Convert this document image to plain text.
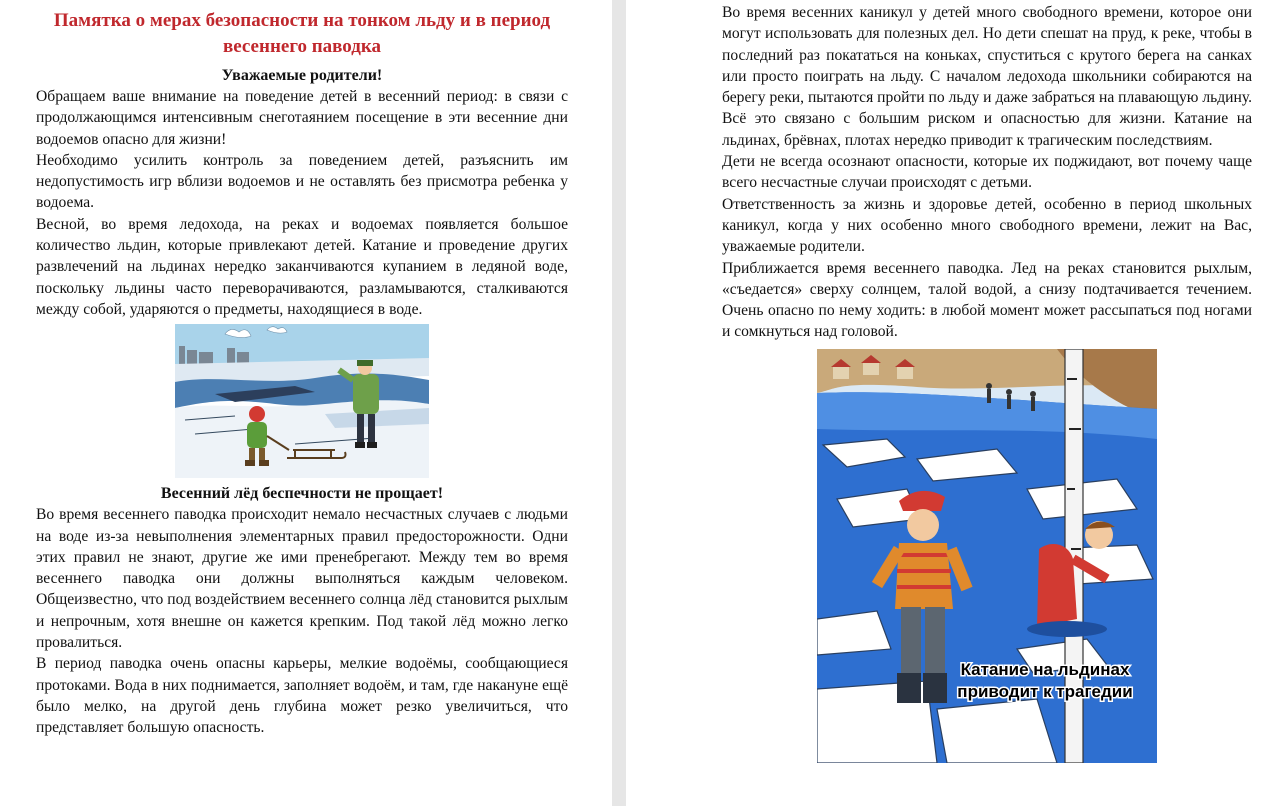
Памятка о мерах безопасности на тонком льду и в период весеннего паводка
Уважаемые родители!

Обращаем ваше внимание на поведение детей в весенний период: в связи с продолжающимся интенсивным снеготаянием посещение в эти весенние дни водоемов опасно для жизни!

Необходимо усилить контроль за поведением детей, разъяснить им недопустимость игр вблизи водоемов и не оставлять без присмотра ребенка у водоема.

Весной, во время ледохода, на реках и водоемах появляется большое количество льдин, которые привлекают детей. Катание и проведение других развлечений на льдинах нередко заканчиваются купанием в ледяной воде, поскольку льдины часто переворачиваются, разламываются, сталкиваются между собой, ударяются о предметы, находящиеся в воде.

Весенний лёд беспечности не прощает!

Во время весеннего паводка происходит немало несчастных случаев с людьми на воде из-за невыполнения элементарных правил предосторожности. Одни этих правил не знают, другие же ими пренебрегают. Между тем во время весеннего паводка они должны выполняться каждым человеком. Общеизвестно, что под воздействием весеннего солнца лёд становится рыхлым и непрочным, хотя внешне он кажется крепким. Под такой лёд можно легко провалиться.

В период паводка очень опасны карьеры, мелкие водоёмы, сообщающиеся протоками. Вода в них поднимается, заполняет водоём, и там, где накануне ещё было мелко, на другой день глубина может резко увеличиться, что представляет большую опасность.

Во время весенних каникул у детей много свободного времени, которое они могут использовать для полезных дел. Но дети спешат на пруд, к реке, чтобы в последний раз покататься на коньках, спуститься с крутого берега на санках или просто поиграть на льду. С началом ледохода школьники собираются на берегу реки, пытаются пройти по льду и даже забраться на плавающую льдину. Всё это связано с большим риском и опасностью для жизни. Катание на льдинах, брёвнах, плотах нередко приводит к трагическим последствиям.

Дети не всегда осознают опасности, которые их поджидают, вот почему чаще всего несчастные случаи происходят с детьми.

Ответственность за жизнь и здоровье детей, особенно в период школьных каникул, когда у них особенно много свободного времени, лежит на Вас, уважаемые родители.

Приближается время весеннего паводка. Лед на реках становится рыхлым, «съедается» сверху солнцем, талой водой, а снизу подтачивается течением. Очень опасно по нему ходить: в любой момент может рассыпаться под ногами и сомкнуться над головой.

Катание на льдинах
приводит к трагедии
